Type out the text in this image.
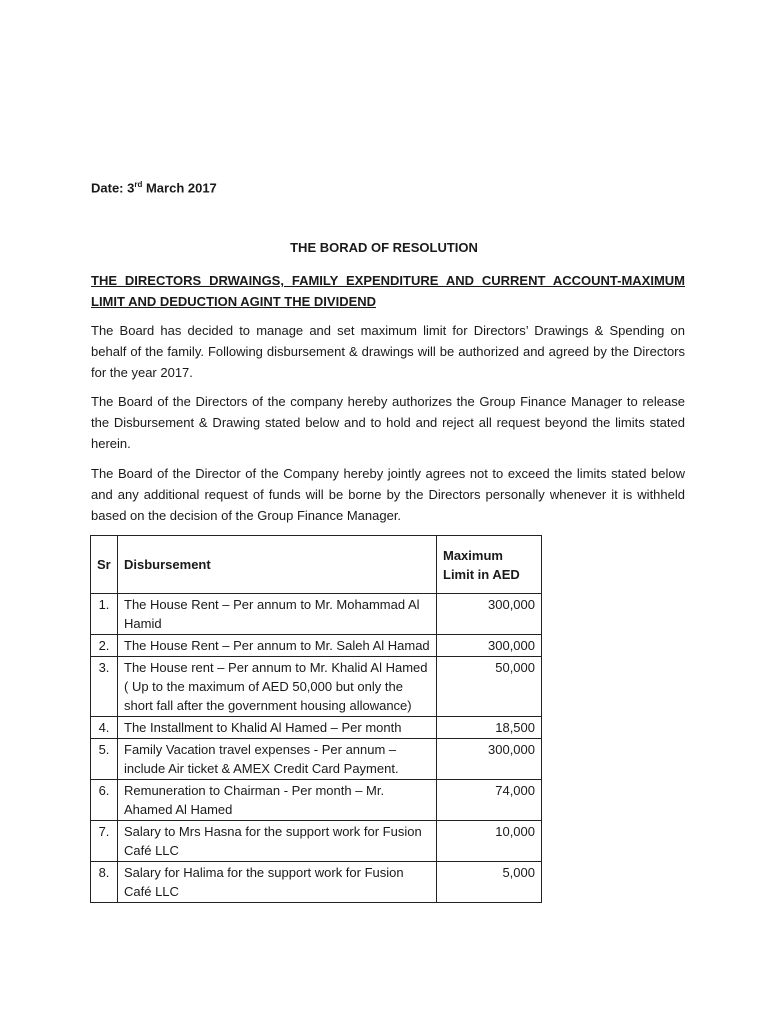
Date: 3rd March 2017
THE BORAD OF RESOLUTION
THE DIRECTORS DRWAINGS, FAMILY EXPENDITURE AND CURRENT ACCOUNT-MAXIMUM LIMIT AND DEDUCTION AGINT THE DIVIDEND
The Board has decided to manage and set maximum limit for Directors’ Drawings & Spending on behalf of the family. Following disbursement & drawings will be authorized and agreed by the Directors for the year 2017.
The Board of the Directors of the company hereby authorizes the Group Finance Manager to release the Disbursement & Drawing stated below and to hold and reject all request beyond the limits stated herein.
The Board of the Director of the Company hereby jointly agrees not to exceed the limits stated below and any additional request of funds will be borne by the Directors personally whenever it is withheld based on the decision of the Group Finance Manager.
Sr	Disbursement	Maximum Limit in AED
1.	The House Rent – Per annum to Mr. Mohammad Al Hamid	300,000
2.	The House Rent – Per annum to Mr. Saleh Al Hamad	300,000
3.	The House rent – Per annum to Mr. Khalid Al Hamed ( Up to the maximum of AED 50,000 but only the short fall after the government housing allowance)	50,000
4.	The Installment to Khalid Al Hamed – Per month	18,500
5.	Family Vacation travel expenses - Per annum – include Air ticket & AMEX Credit Card Payment.	300,000
6.	Remuneration to Chairman - Per month – Mr. Ahamed Al Hamed	74,000
7.	Salary to Mrs Hasna for the support work for Fusion Café LLC	10,000
8.	Salary for Halima for the support work for Fusion Café LLC	5,000
